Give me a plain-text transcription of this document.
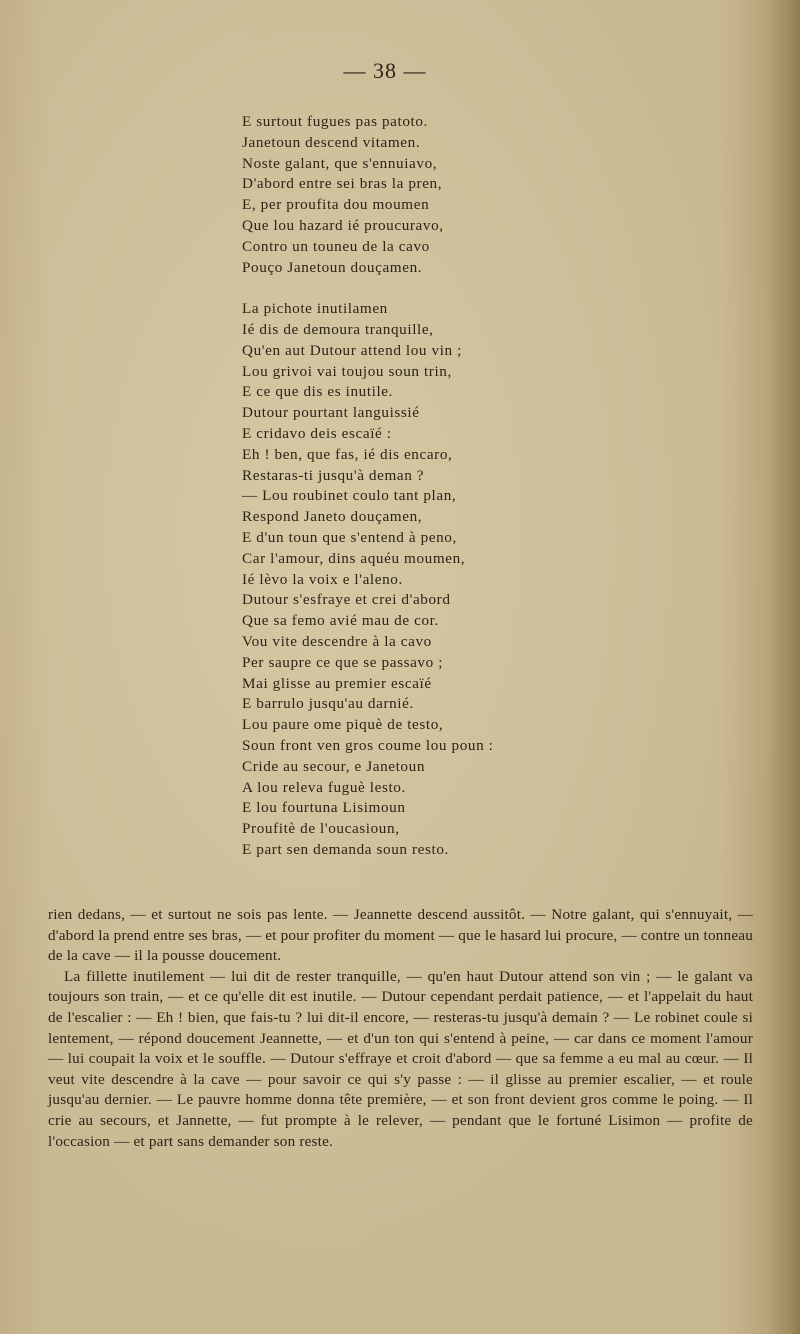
— 38 —
E surtout fugues pas patoto.
Janetoun descend vitamen.
Noste galant, que s'ennuiavo,
D'abord entre sei bras la pren,
E, per proufita dou moumen
Que lou hazard ié proucuravo,
Contro un touneu de la cavo
Pouço Janetoun douçamen.
La pichote inutilamen
Ié dis de demoura tranquille,
Qu'en aut Dutour attend lou vin ;
Lou grivoi vai toujou soun trin,
E ce que dis es inutile.
Dutour pourtant languissié
E cridavo deis escaïé :
Eh ! ben, que fas, ié dis encaro,
Restaras-ti jusqu'à deman ?
— Lou roubinet coulo tant plan,
Respond Janeto douçamen,
E d'un toun que s'entend à peno,
Car l'amour, dins aquéu moumen,
Ié lèvo la voix e l'aleno.
Dutour s'esfraye et crei d'abord
Que sa femo avié mau de cor.
Vou vite descendre à la cavo
Per saupre ce que se passavo ;
Mai glisse au premier escaïé
E barrulo jusqu'au darnié.
Lou paure ome piquè de testo,
Soun front ven gros coume lou poun :
Cride au secour, e Janetoun
A lou releva fuguè lesto.
E lou fourtuna Lisimoun
Proufitè de l'oucasioun,
E part sen demanda soun resto.

rien dedans, — et surtout ne sois pas lente. — Jeannette descend aussitôt. — Notre galant, qui s'ennuyait, — d'abord la prend entre ses bras, — et pour profiter du moment — que le hasard lui procure, — contre un tonneau de la cave — il la pousse doucement.

La fillette inutilement — lui dit de rester tranquille, — qu'en haut Dutour attend son vin ; — le galant va toujours son train, — et ce qu'elle dit est inutile. — Dutour cependant perdait patience, — et l'appelait du haut de l'escalier : — Eh ! bien, que fais-tu ? lui dit-il encore, — resteras-tu jusqu'à demain ? — Le robinet coule si lentement, — répond doucement Jeannette, — et d'un ton qui s'entend à peine, — car dans ce moment l'amour — lui coupait la voix et le souffle. — Dutour s'effraye et croit d'abord — que sa femme a eu mal au cœur. — Il veut vite descendre à la cave — pour savoir ce qui s'y passe : — il glisse au premier escalier, — et roule jusqu'au dernier. — Le pauvre homme donna tête première, — et son front devient gros comme le poing. — Il crie au secours, et Jannette, — fut prompte à le relever, — pendant que le fortuné Lisimon — profite de l'occasion — et part sans demander son reste.
